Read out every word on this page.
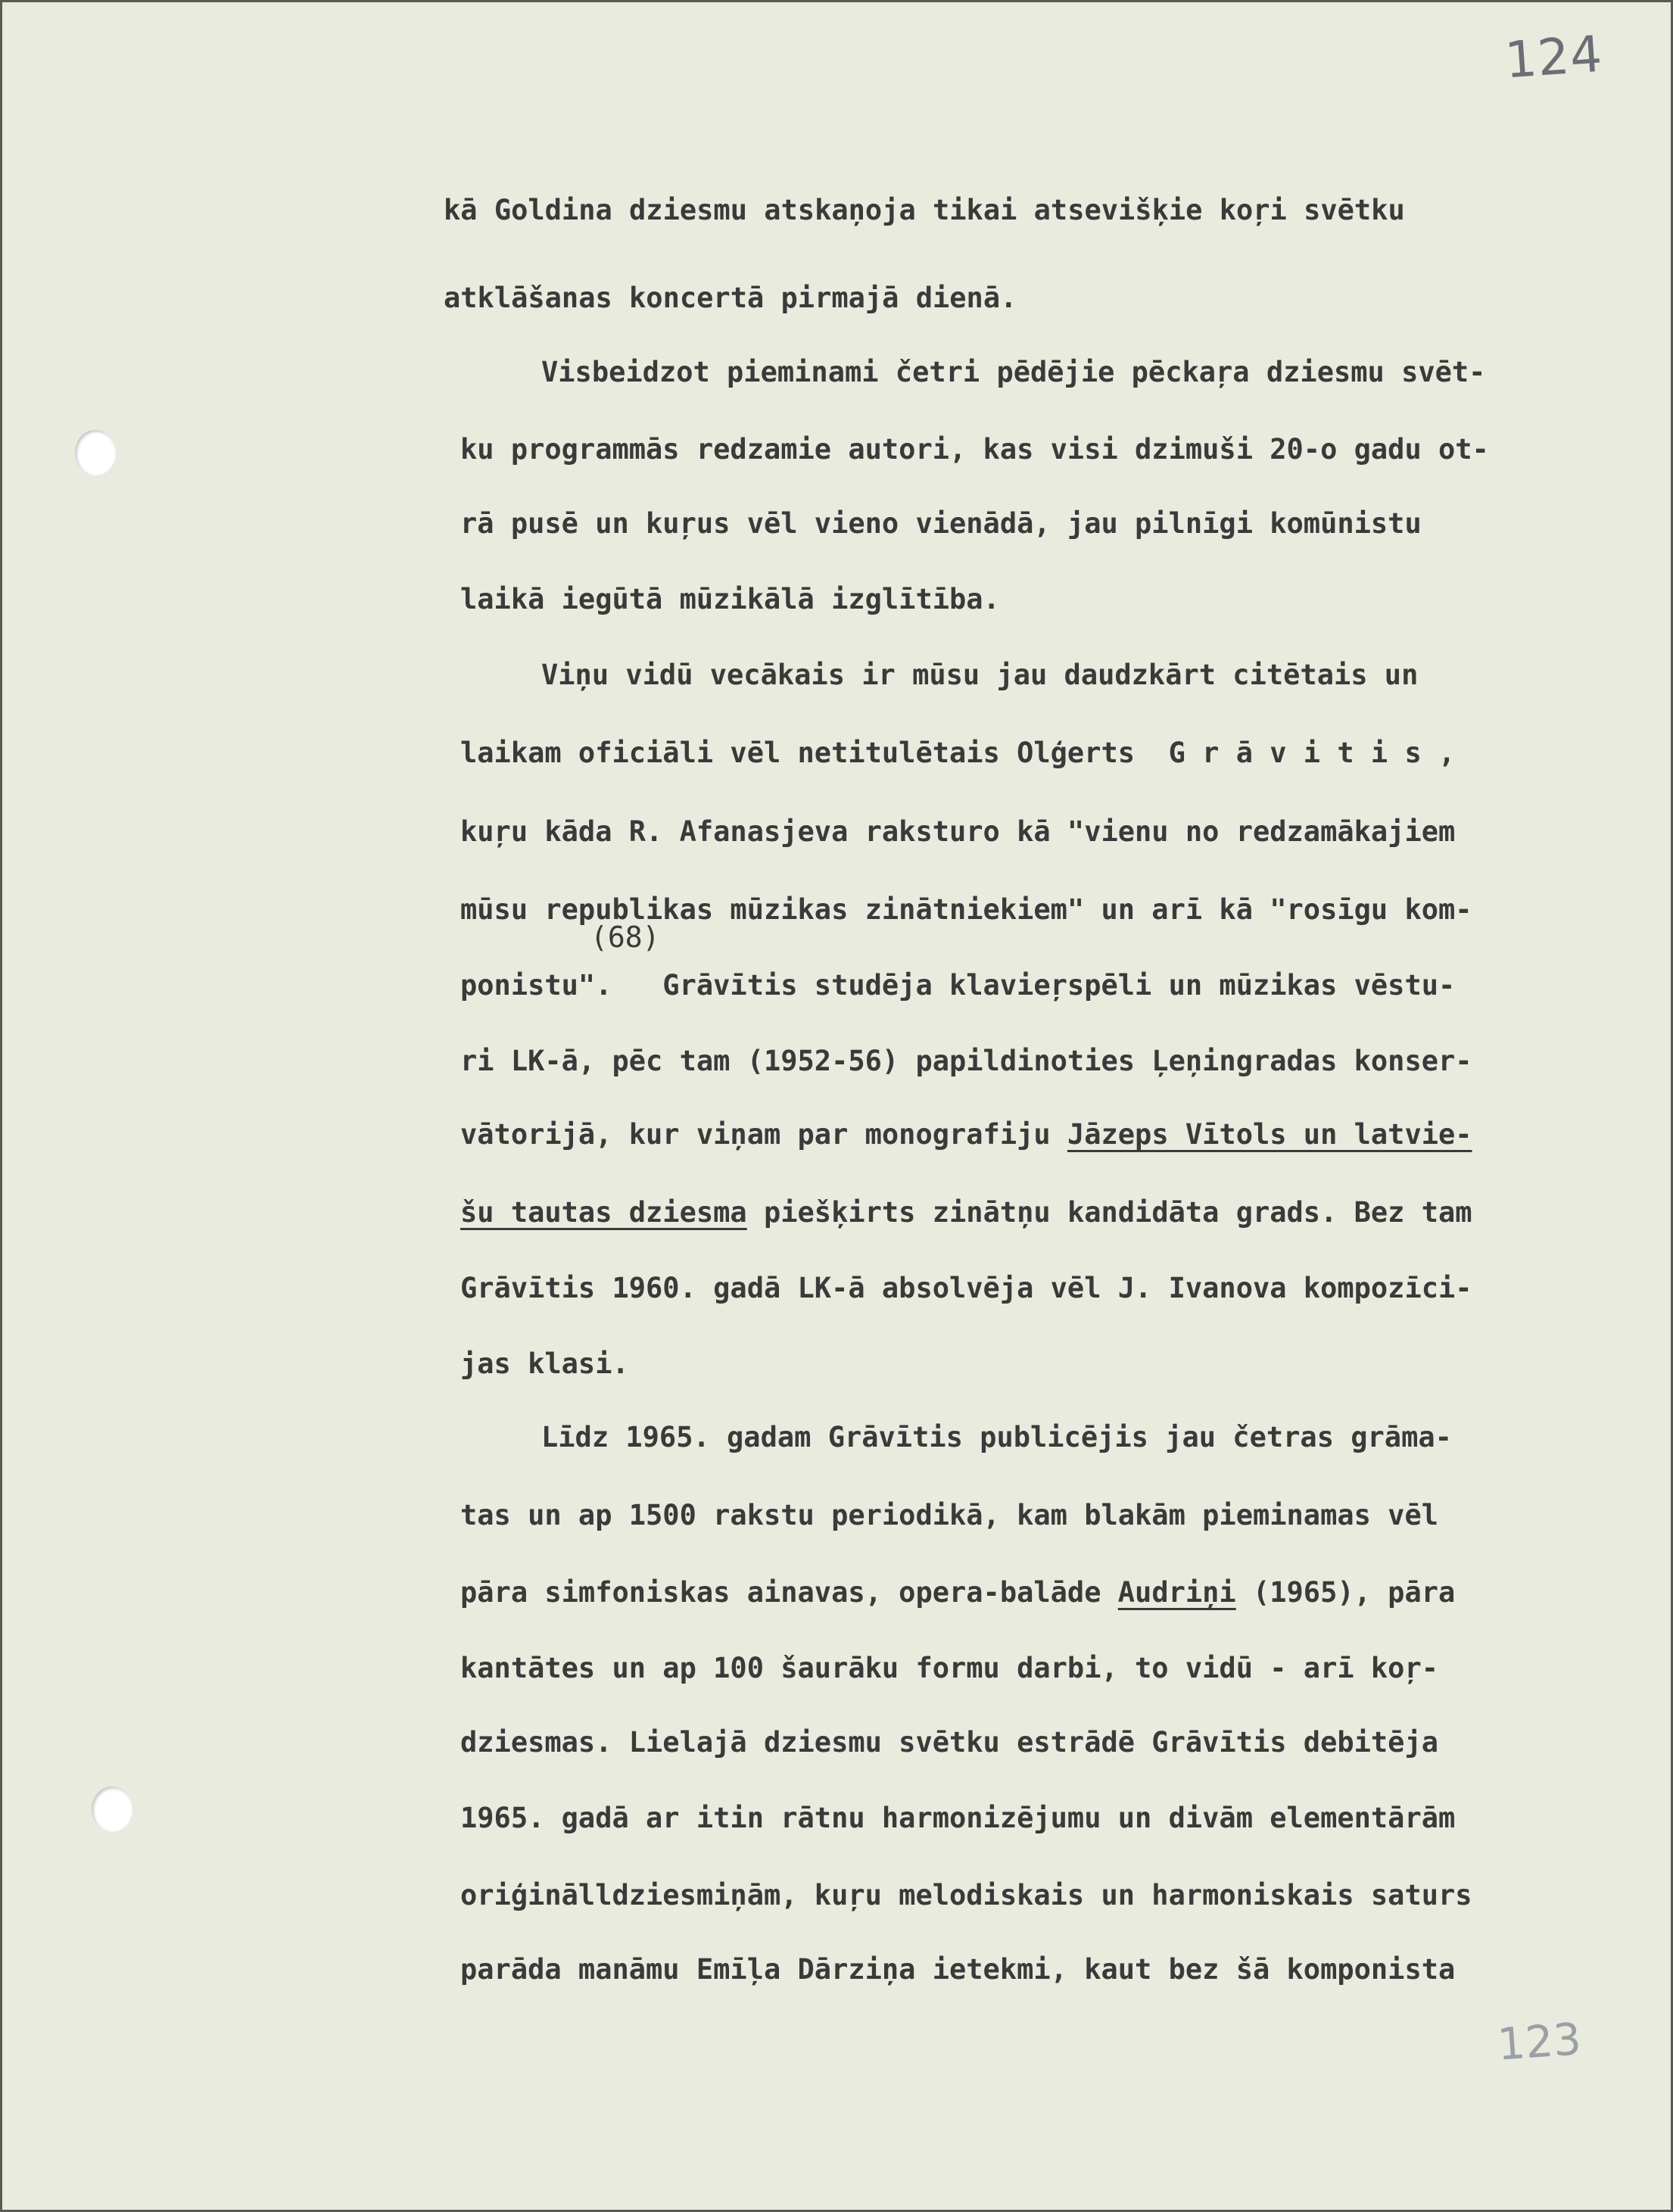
124
123
(68)
kā Goldina dziesmu atskaņoja tikai atsevišķie koŗi svētku
atklāšanas koncertā pirmajā dienā.
Visbeidzot pieminami četri pēdējie pēckaŗa dziesmu svēt-
ku programmās redzamie autori, kas visi dzimuši 20-o gadu ot-
rā pusē un kuŗus vēl vieno vienādā, jau pilnīgi komūnistu
laikā iegūtā mūzikālā izglītība.
Viņu vidū vecākais ir mūsu jau daudzkārt citētais un
laikam oficiāli vēl netitulētais Olģerts  G r ā v i t i s ,
kuŗu kāda R. Afanasjeva raksturo kā "vienu no redzamākajiem
mūsu republikas mūzikas zinātniekiem" un arī kā "rosīgu kom-
ponistu".   Grāvītis studēja klavieŗspēli un mūzikas vēstu-
ri LK-ā, pēc tam (1952-56) papildinoties Ļeņingradas konser-
vātorijā, kur viņam par monografiju Jāzeps Vītols un latvie-
šu tautas dziesma piešķirts zinātņu kandidāta grads. Bez tam
Grāvītis 1960. gadā LK-ā absolvēja vēl J. Ivanova kompozīci-
jas klasi.
Līdz 1965. gadam Grāvītis publicējis jau četras grāma-
tas un ap 1500 rakstu periodikā, kam blakām pieminamas vēl
pāra simfoniskas ainavas, opera-balāde Audriņi (1965), pāra
kantātes un ap 100 šaurāku formu darbi, to vidū - arī koŗ-
dziesmas. Lielajā dziesmu svētku estrādē Grāvītis debitēja
1965. gadā ar itin rātnu harmonizējumu un divām elementārām
oriģinālldziesmiņām, kuŗu melodiskais un harmoniskais saturs
parāda manāmu Emīļa Dārziņa ietekmi, kaut bez šā komponista
